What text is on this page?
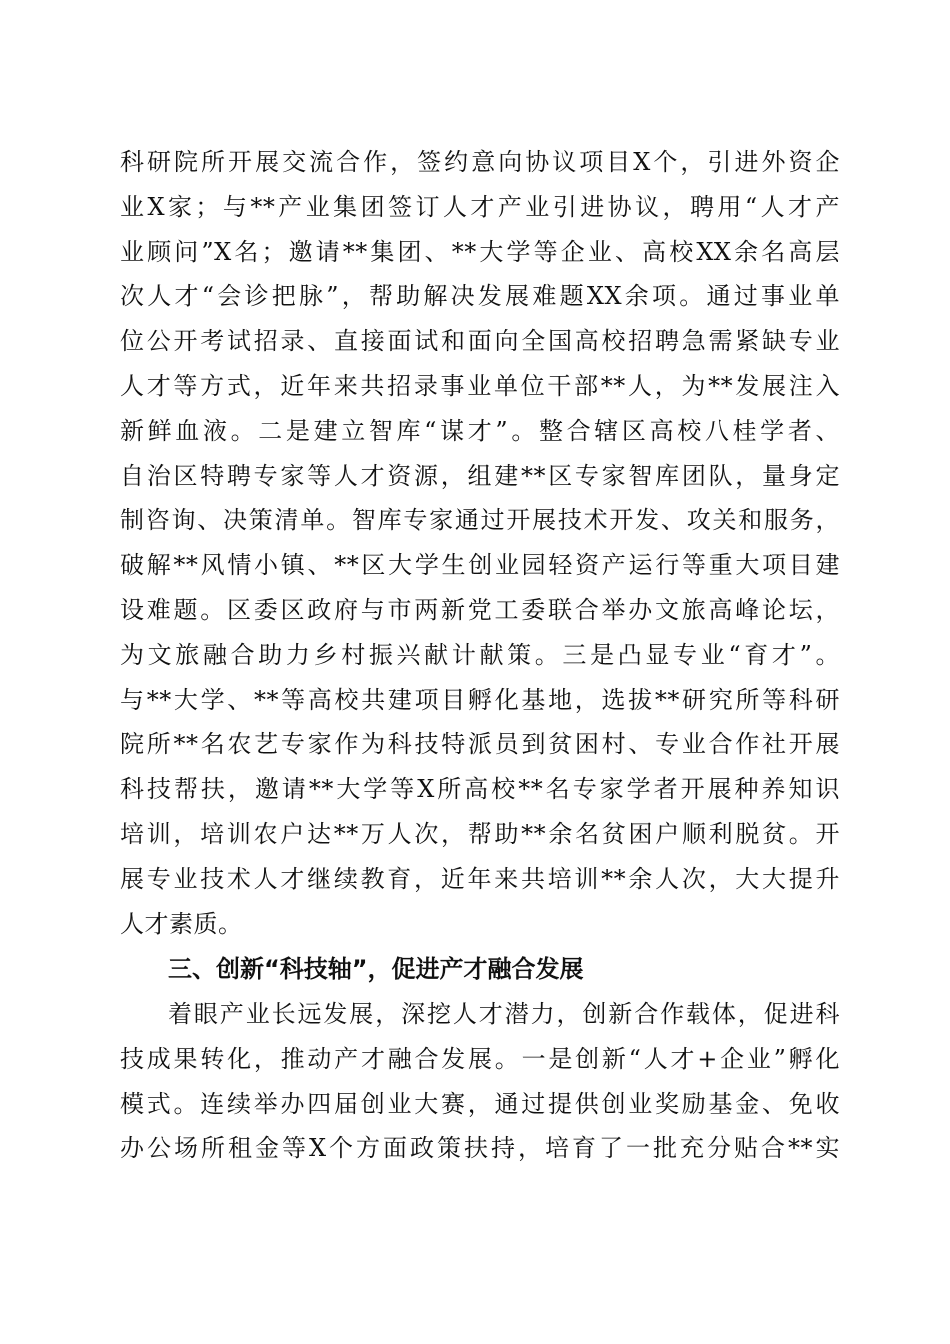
科研院所开展交流合作，签约意向协议项目X个，引进外资企
业X家；与**产业集团签订人才产业引进协议，聘用“人才产
业顾问”X名；邀请**集团、**大学等企业、高校XX余名高层
次人才“会诊把脉”，帮助解决发展难题XX余项。通过事业单
位公开考试招录、直接面试和面向全国高校招聘急需紧缺专业
人才等方式，近年来共招录事业单位干部**人，为**发展注入
新鲜血液。二是建立智库“谋才”。整合辖区高校八桂学者、
自治区特聘专家等人才资源，组建**区专家智库团队，量身定
制咨询、决策清单。智库专家通过开展技术开发、攻关和服务，
破解**风情小镇、**区大学生创业园轻资产运行等重大项目建
设难题。区委区政府与市两新党工委联合举办文旅高峰论坛，
为文旅融合助力乡村振兴献计献策。三是凸显专业“育才”。
与**大学、**等高校共建项目孵化基地，选拔**研究所等科研
院所**名农艺专家作为科技特派员到贫困村、专业合作社开展
科技帮扶，邀请**大学等X所高校**名专家学者开展种养知识
培训，培训农户达**万人次，帮助**余名贫困户顺利脱贫。开
展专业技术人才继续教育，近年来共培训**余人次，大大提升
人才素质。
三、创新“科技轴”，促进产才融合发展
着眼产业长远发展，深挖人才潜力，创新合作载体，促进科
技成果转化，推动产才融合发展。一是创新“人才+企业”孵化
模式。连续举办四届创业大赛，通过提供创业奖励基金、免收
办公场所租金等X个方面政策扶持，培育了一批充分贴合**实
